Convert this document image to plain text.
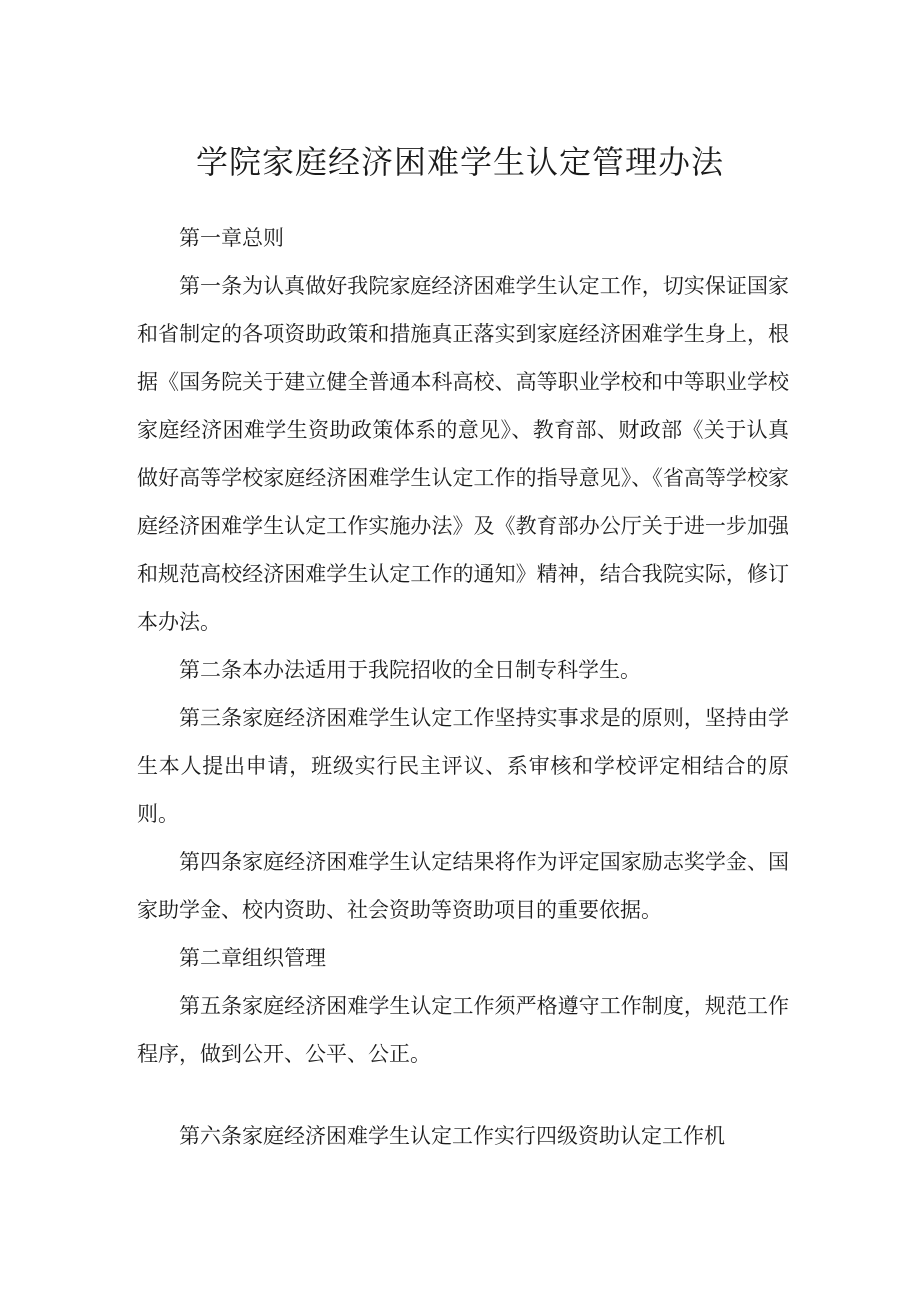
学院家庭经济困难学生认定管理办法

第一章总则

第一条为认真做好我院家庭经济困难学生认定工作，切实保证国家和省制定的各项资助政策和措施真正落实到家庭经济困难学生身上，根据《国务院关于建立健全普通本科高校、高等职业学校和中等职业学校家庭经济困难学生资助政策体系的意见》、教育部、财政部《关于认真做好高等学校家庭经济困难学生认定工作的指导意见》、《省高等学校家庭经济困难学生认定工作实施办法》及《教育部办公厅关于进一步加强和规范高校经济困难学生认定工作的通知》精神，结合我院实际，修订本办法。

第二条本办法适用于我院招收的全日制专科学生。

第三条家庭经济困难学生认定工作坚持实事求是的原则，坚持由学生本人提出申请，班级实行民主评议、系审核和学校评定相结合的原则。

第四条家庭经济困难学生认定结果将作为评定国家励志奖学金、国家助学金、校内资助、社会资助等资助项目的重要依据。

第二章组织管理

第五条家庭经济困难学生认定工作须严格遵守工作制度，规范工作程序，做到公开、公平、公正。

第六条家庭经济困难学生认定工作实行四级资助认定工作机
